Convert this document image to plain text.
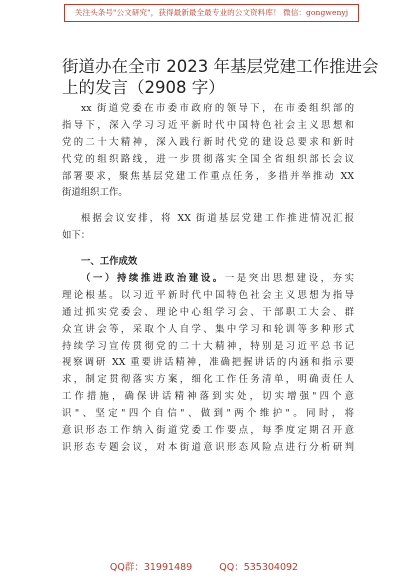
关注头条号"公文研究"，获得最新最全最专业的公文资料库！ 微信：gongwenyj
街道办在全市 2023 年基层党建工作推进会
上的发言（2908 字）
xx 街道党委在市委市政府的领导下，在市委组织部的
指导下，深入学习习近平新时代中国特色社会主义思想和
党的二十大精神，深入践行新时代党的建设总要求和新时
代党的组织路线，进一步贯彻落实全国全省组织部长会议
部署要求，聚焦基层党建工作重点任务，多措并举推动 XX
街道组织工作。
根据会议安排，将 XX 街道基层党建工作推进情况汇报
如下：
一、工作成效
（一）持续推进政治建设。一是突出思想建设，夯实
理论根基。以习近平新时代中国特色社会主义思想为指导
通过抓实党委会、理论中心组学习会、干部职工大会、群
众宣讲会等，采取个人自学、集中学习和轮训等多种形式
持续学习宣传贯彻党的二十大精神，特别是习近平总书记
视察调研 XX 重要讲话精神，准确把握讲话的内涵和指示要
求，制定贯彻落实方案，细化工作任务清单，明确责任人
工作措施，确保讲话精神落到实处，切实增强"四个意
识"、坚定"四个自信"、做到"两个维护"。同时，将
意识形态工作纳入街道党委工作要点，每季度定期召开意
识形态专题会议，对本街道意识形态风险点进行分析研判
QQ群：31991489	QQ：535304092
